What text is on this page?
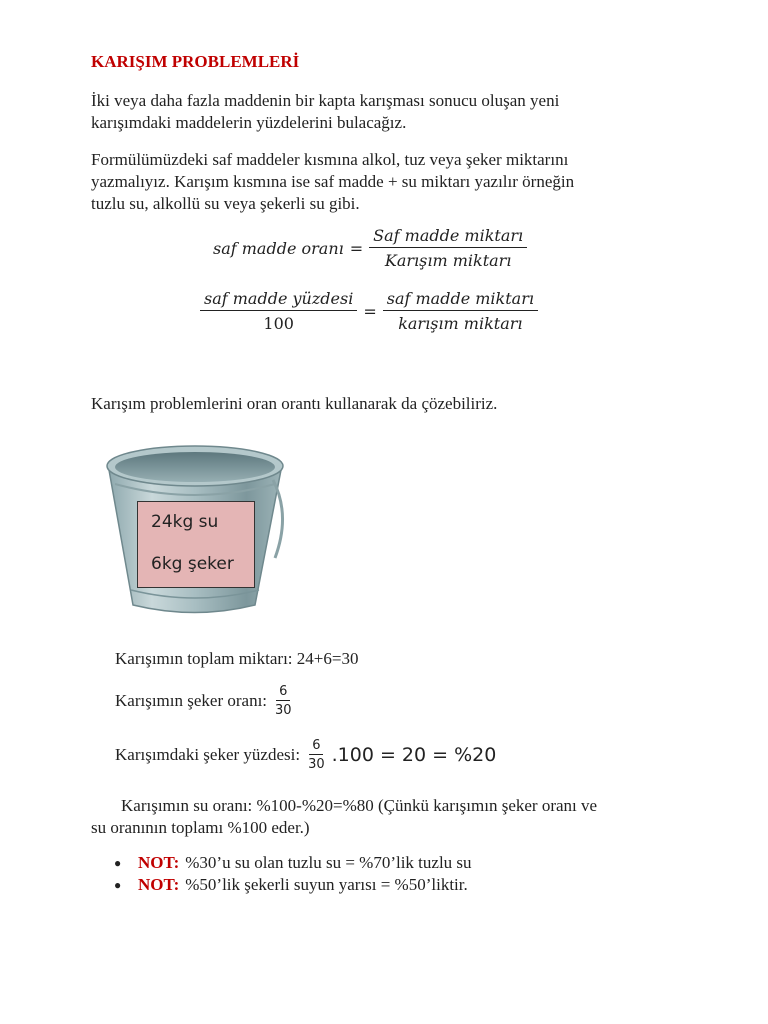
KARIŞIM PROBLEMLERİ
İki veya daha fazla maddenin bir kapta karışması sonucu oluşan yeni
karışımdaki maddelerin yüzdelerini bulacağız.
Formülümüzdeki saf maddeler kısmına alkol, tuz veya şeker miktarını
yazmalıyız. Karışım kısmına ise saf madde + su miktarı yazılır örneğin
tuzlu su, alkollü su veya şekerli su gibi.
saf madde oranı = $\frac{\text{Saf madde miktarı}}{\text{Karışım miktarı}}$
$\frac{\text{saf madde yüzdesi}}{100} = \frac{\text{saf madde miktarı}}{\text{karışım miktarı}}$
Karışım problemlerini oran orantı kullanarak da çözebiliriz.
24kg su
6kg şeker
Karışımın toplam miktarı: 24+6=30
Karışımın şeker oranı: $\frac{6}{30}$
Karışımdaki şeker yüzdesi: $\frac{6}{30} .100 = 20 = \%20$
Karışımın su oranı: %100-%20=%80 (Çünkü karışımın şeker oranı ve
su oranının toplamı %100 eder.)
● NOT: %30’u su olan tuzlu su = %70’lik tuzlu su
● NOT: %50’lik şekerli suyun yarısı = %50’liktir.
